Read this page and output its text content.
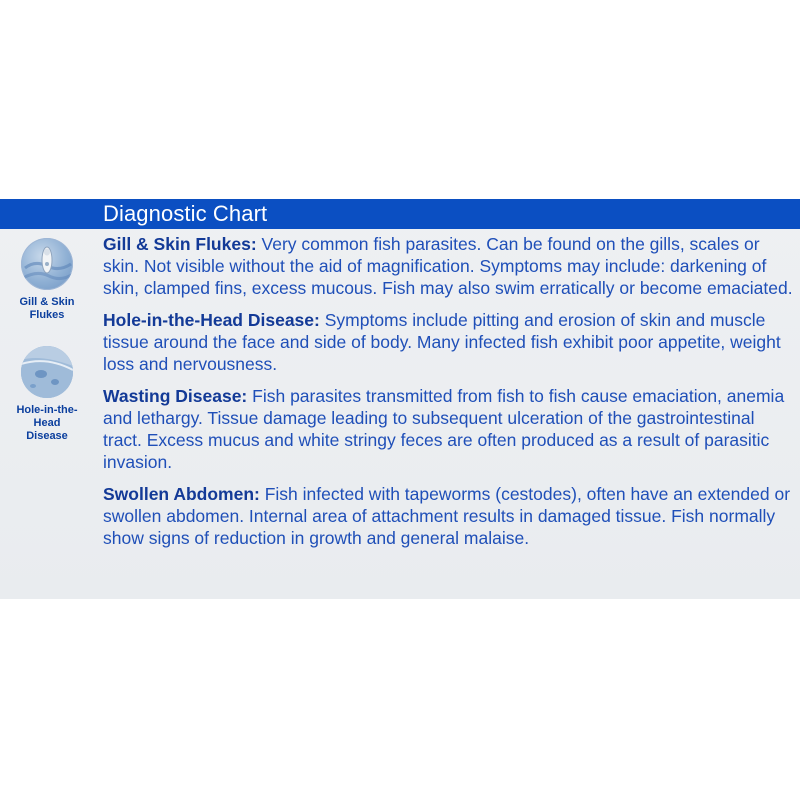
Diagnostic Chart
Gill & Skin Flukes
Hole-in-the-Head Disease

Gill & Skin Flukes: Very common fish parasites. Can be found on the gills, scales or skin. Not visible without the aid of magnification. Symptoms may include: darkening of skin, clamped fins, excess mucous. Fish may also swim erratically or become emaciated.

Hole-in-the-Head Disease: Symptoms include pitting and erosion of skin and muscle tissue around the face and side of body. Many infected fish exhibit poor appetite, weight loss and nervousness.

Wasting Disease: Fish parasites transmitted from fish to fish cause emaciation, anemia and lethargy. Tissue damage leading to subsequent ulceration of the gastrointestinal tract. Excess mucus and white stringy feces are often produced as a result of parasitic invasion.

Swollen Abdomen: Fish infected with tapeworms (cestodes), often have an extended or swollen abdomen. Internal area of attachment results in damaged tissue. Fish normally show signs of reduction in growth and general malaise.
